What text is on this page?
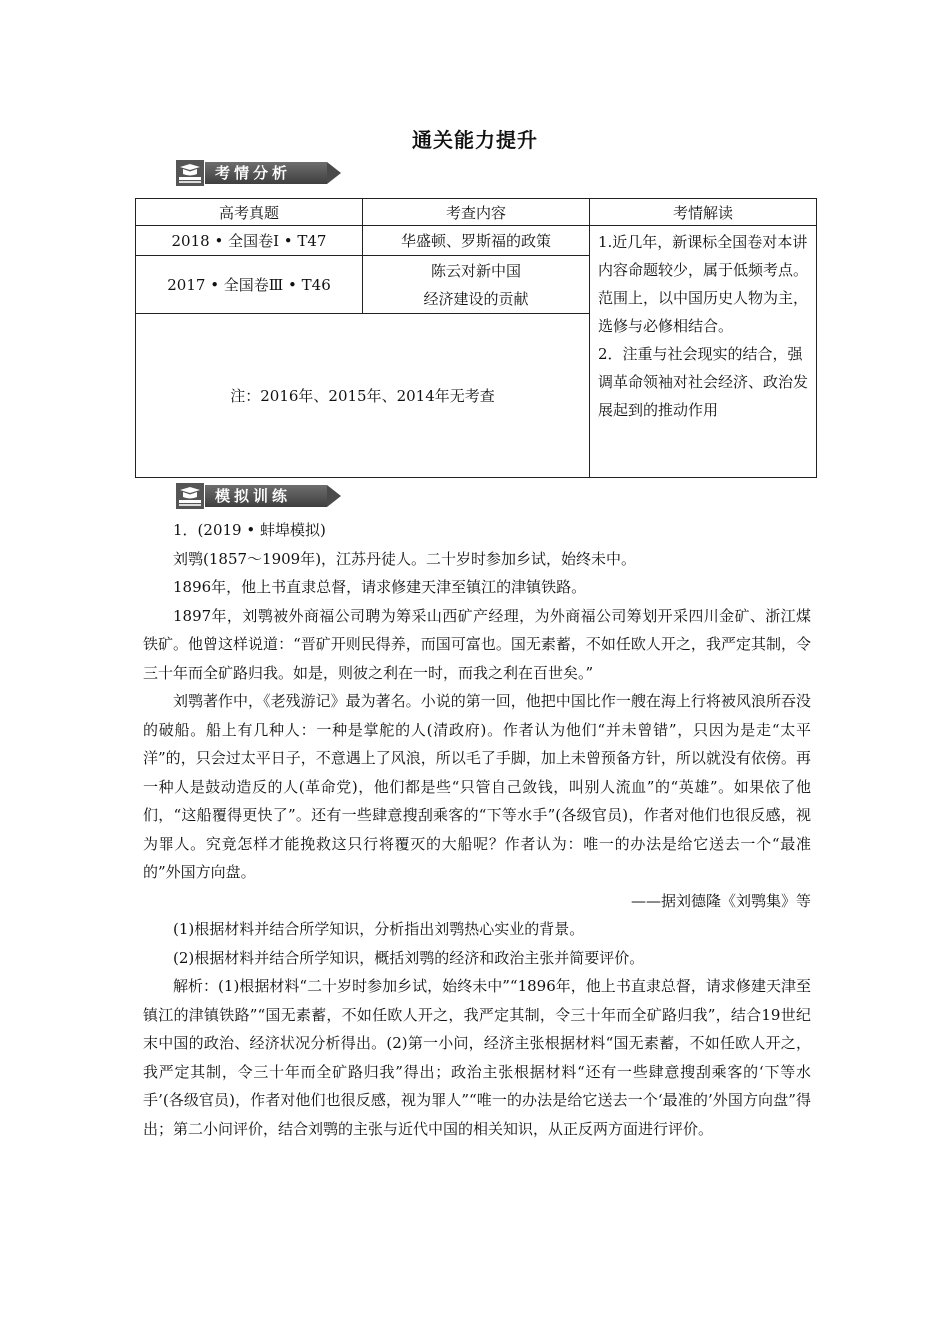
通关能力提升
考情分析
高考真题	考查内容	考情解读
2018 • 全国卷Ⅰ • T47	华盛顿、罗斯福的政策	1.近几年，新课标全国卷对本讲内容命题较少，属于低频考点。范围上，以中国历史人物为主，选修与必修相结合。
2．注重与社会现实的结合，强调革命领袖对社会经济、政治发展起到的推动作用

2017 • 全国卷Ⅲ • T46	陈云对新中国
经济建设的贡献	

注：2016年、2015年、2014年无考查		
模拟训练

1．(2019 • 蚌埠模拟)

刘鹗(1857～1909年)，江苏丹徒人。二十岁时参加乡试，始终未中。

1896年，他上书直隶总督，请求修建天津至镇江的津镇铁路。

1897年，刘鹗被外商福公司聘为筹采山西矿产经理，为外商福公司筹划开采四川金矿、浙江煤铁矿。他曾这样说道：“晋矿开则民得养，而国可富也。国无素蓄，不如任欧人开之，我严定其制，令三十年而全矿路归我。如是，则彼之利在一时，而我之利在百世矣。”

刘鹗著作中，《老残游记》最为著名。小说的第一回，他把中国比作一艘在海上行将被风浪所吞没的破船。船上有几种人：一种是掌舵的人(清政府)。作者认为他们“并未曾错”，只因为是走“太平洋”的，只会过太平日子，不意遇上了风浪，所以毛了手脚，加上未曾预备方针，所以就没有依傍。再一种人是鼓动造反的人(革命党)，他们都是些“只管自己敛钱，叫别人流血”的“英雄”。如果依了他们，“这船覆得更快了”。还有一些肆意搜刮乘客的“下等水手”(各级官员)，作者对他们也很反感，视为罪人。究竟怎样才能挽救这只行将覆灭的大船呢？作者认为：唯一的办法是给它送去一个“最准的”外国方向盘。

——据刘德隆《刘鹗集》等

(1)根据材料并结合所学知识，分析指出刘鹗热心实业的背景。

(2)根据材料并结合所学知识，概括刘鹗的经济和政治主张并简要评价。

解析：(1)根据材料“二十岁时参加乡试，始终未中”“1896年，他上书直隶总督，请求修建天津至镇江的津镇铁路”“国无素蓄，不如任欧人开之，我严定其制，令三十年而全矿路归我”，结合19世纪末中国的政治、经济状况分析得出。(2)第一小问，经济主张根据材料“国无素蓄，不如任欧人开之，我严定其制，令三十年而全矿路归我”得出；政治主张根据材料“还有一些肆意搜刮乘客的‘下等水手’(各级官员)，作者对他们也很反感，视为罪人”“唯一的办法是给它送去一个‘最准的’外国方向盘”得出；第二小问评价，结合刘鹗的主张与近代中国的相关知识，从正反两方面进行评价。
